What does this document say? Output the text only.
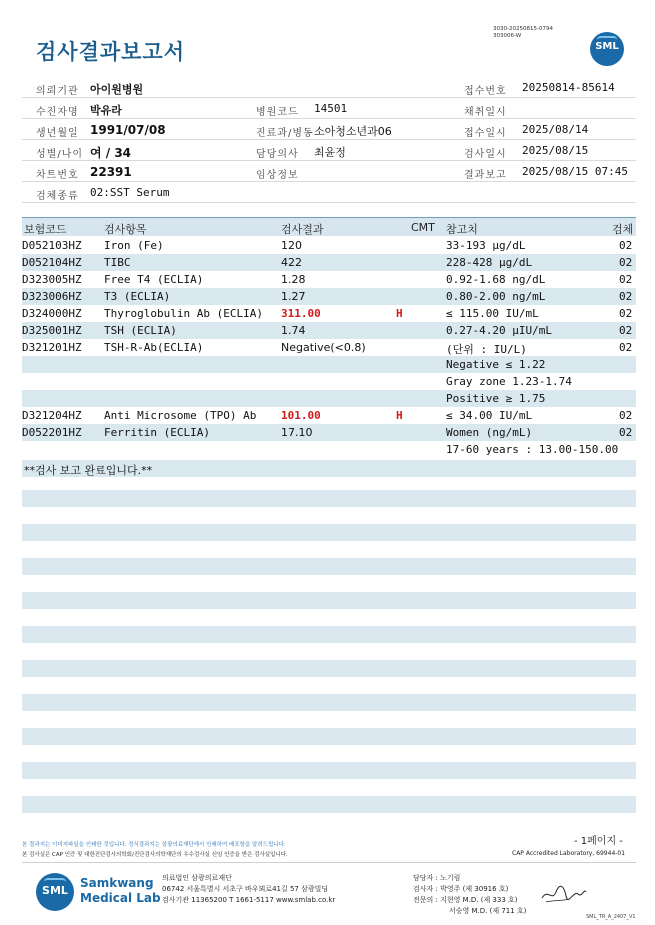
검사결과보고서
3030-20250815-0794
303006-W
SML
의뢰기관 아이원병원	접수번호 20250814-85614
수진자명 박유라	병원코드 14501	채취일시
생년월일 1991/07/08	진료과/병동 소아청소년과06	접수일시 2025/08/14
성별/나이 여 / 34	담당의사 최윤정	검사일시 2025/08/15
차트번호 22391	임상정보	결과보고 2025/08/15 07:45
검체종류 02:SST Serum
보험코드	검사항목	검사결과	CMT 참고치	검체
D052103HZ Iron (Fe)	120	33-193 μg/dL	02
D052104HZ TIBC	422	228-428 μg/dL	02
D323005HZ Free T4 (ECLIA)	1.28	0.92-1.68 ng/dL	02
D323006HZ T3 (ECLIA)	1.27	0.80-2.00 ng/mL	02
D324000HZ Thyroglobulin Ab (ECLIA) 311.00	H	≤ 115.00 IU/mL	02
D325001HZ TSH (ECLIA)	1.74	0.27-4.20 μIU/mL	02
D321201HZ TSH-R-Ab(ECLIA)	Negative(<0.8)	(단위 : IU/L)	02
Negative ≤ 1.22
Gray zone 1.23-1.74
Positive ≥ 1.75
D321204HZ Anti Microsome (TPO) Ab 101.00	H	≤ 34.00 IU/mL	02
D052201HZ Ferritin (ECLIA)	17.10	Women (ng/mL)	02
17-60 years : 13.00-150.00
**검사 보고 완료입니다.**
본 결과지는 이미지파일을 인쇄한 것입니다. 정식결과지는 삼광의료재단에서 인쇄하여 배포함을 알려드립니다.
본 검사실은 CAP 인증 및 대한진단검사의학회/진단검사의학재단의 우수검사실 신임 인증을 받은 검사실입니다.
- 1페이지 -
CAP Accredited Laboratory, 69944-01
SML
Samkwang
Medical Lab
의료법인 삼광의료재단
06742 서울특별시 서초구 바우뫼로41길 57 삼광빌딩
검사기관 11365200 T 1661-5117 www.smlab.co.kr
담당자 : 노기림
검사자 : 박영주 (제 30916 호)
전문의 : 지현영 M.D. (제 333 호)
서승영 M.D. (제 711 호)
SML_TR_A_2407_V1
